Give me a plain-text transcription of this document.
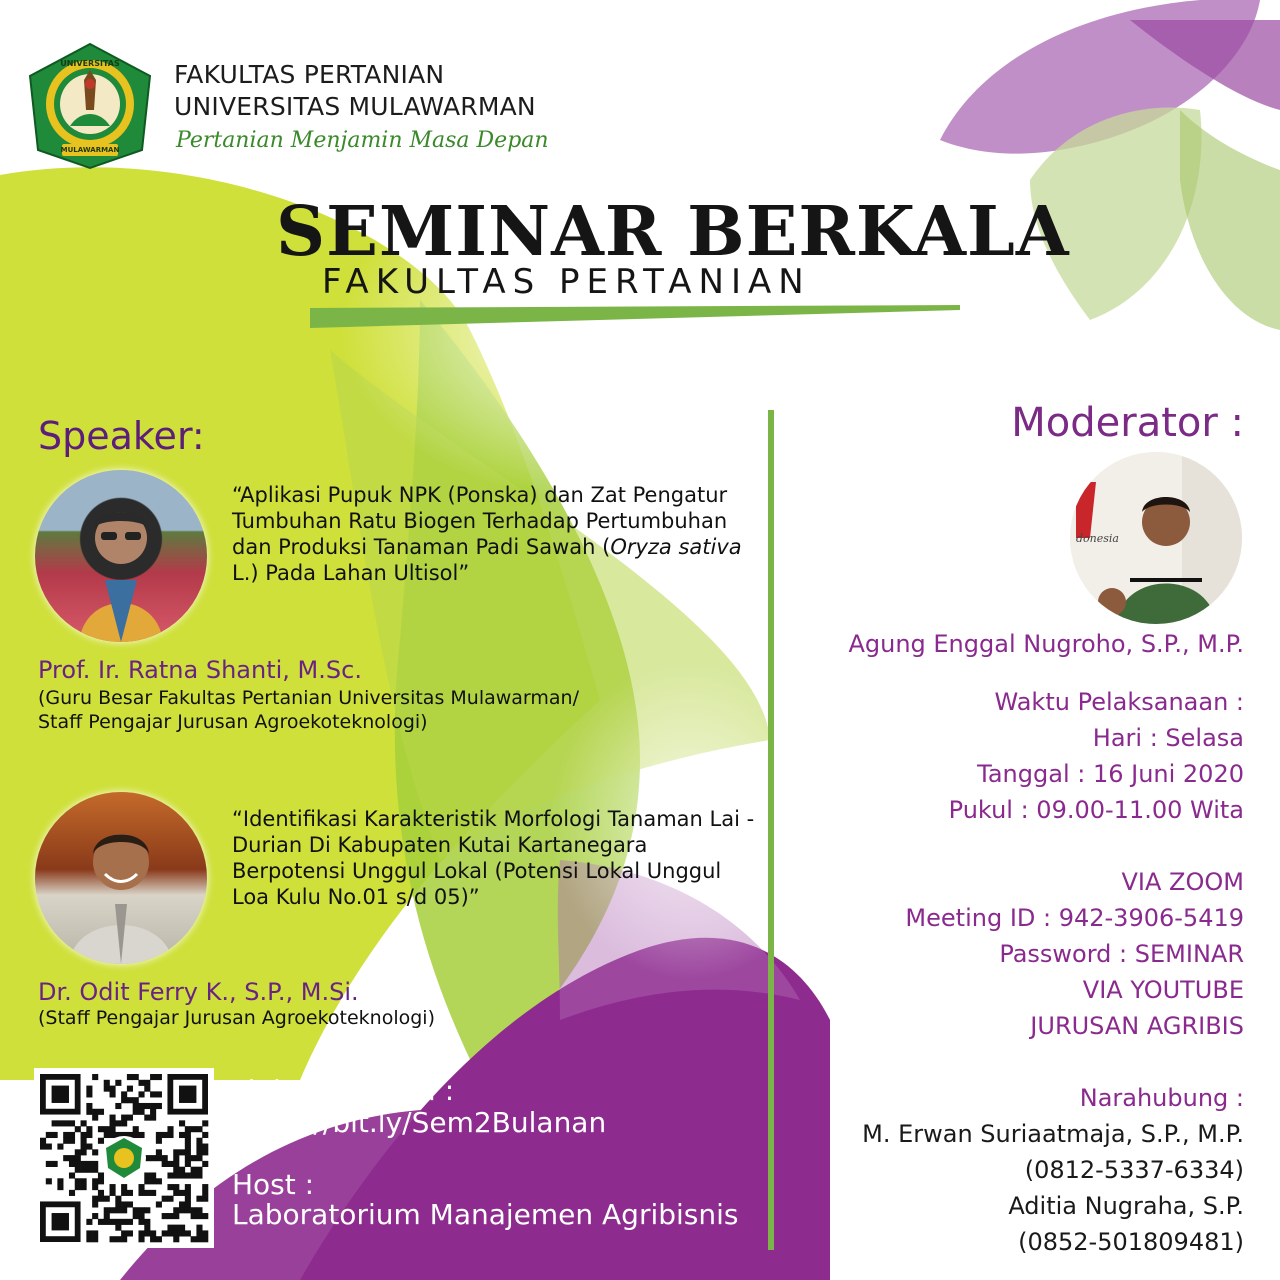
UNIVERSITAS
MULAWARMAN
FAKULTAS PERTANIAN
UNIVERSITAS MULAWARMAN
Pertanian Menjamin Masa Depan
SEMINAR BERKALA
FAKULTAS PERTANIAN
Speaker:
“Aplikasi Pupuk NPK (Ponska) dan Zat Pengatur Tumbuhan Ratu Biogen Terhadap Pertumbuhan dan Produksi Tanaman Padi Sawah (Oryza sativa L.) Pada Lahan Ultisol”
Prof. Ir. Ratna Shanti, M.Sc.
(Guru Besar Fakultas Pertanian Universitas Mulawarman/
Staff Pengajar Jurusan Agroekoteknologi)
“Identifikasi Karakteristik Morfologi Tanaman Lai - Durian Di Kabupaten Kutai Kartanegara Berpotensi Unggul Lokal (Potensi Lokal Unggul Loa Kulu No.01 s/d 05)”
Dr. Odit Ferry K., S.P., M.Si.
(Staff Pengajar Jurusan Agroekoteknologi)
Link Registrasi :
https://bit.ly/Sem2Bulanan
Host :
Laboratorium Manajemen Agribisnis
Moderator :
donesia
Agung Enggal Nugroho, S.P., M.P.
Waktu Pelaksanaan :
Hari : Selasa
Tanggal : 16 Juni 2020
Pukul : 09.00-11.00 Wita
VIA ZOOM
Meeting ID : 942-3906-5419
Password : SEMINAR
VIA YOUTUBE
JURUSAN AGRIBIS
Narahubung :
M. Erwan Suriaatmaja, S.P., M.P.
(0812-5337-6334)
Aditia Nugraha, S.P.
(0852-501809481)
